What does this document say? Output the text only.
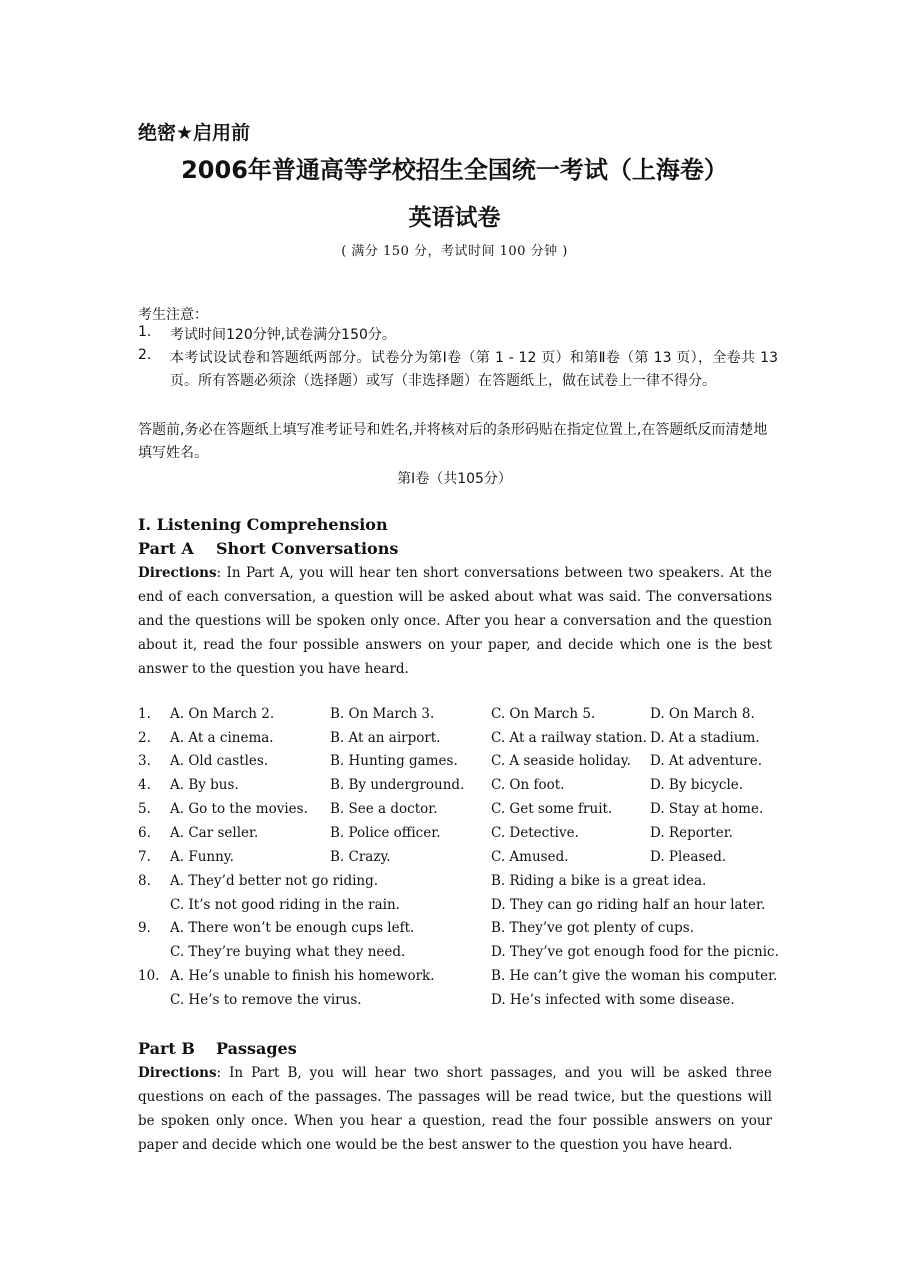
绝密★启用前
2006年普通高等学校招生全国统一考试（上海卷）
英语试卷
( 满分 150 分，考试时间 100 分钟 )
考生注意：
1.	考试时间120分钟,试卷满分150分。
2.	本考试设试卷和答题纸两部分。试卷分为第Ⅰ卷（第 1 - 12 页）和第Ⅱ卷（第 13 页），全卷共 13 页。所有答题必须涂（选择题）或写（非选择题）在答题纸上，做在试卷上一律不得分。
答题前,务必在答题纸上填写准考证号和姓名,并将核对后的条形码贴在指定位置上,在答题纸反而清楚地填写姓名。
第Ⅰ卷（共105分）
I. Listening Comprehension
Part A Short Conversations
Directions: In Part A, you will hear ten short conversations between two speakers. At the end of each conversation, a question will be asked about what was said. The conversations and the questions will be spoken only once. After you hear a conversation and the question about it, read the four possible answers on your paper, and decide which one is the best answer to the question you have heard.
1. A. On March 2.	B. On March 3.	C. On March 5.	D. On March 8.
2. A. At a cinema.	B. At an airport.	C. At a railway station. D. At a stadium.
3. A. Old castles.	B. Hunting games. C. A seaside holiday. D. At adventure.
4. A. By bus.	B. By underground. C. On foot.	D. By bicycle.
5. A. Go to the movies. B. See a doctor.	C. Get some fruit.	D. Stay at home.
6. A. Car seller.	B. Police officer.	C. Detective.	D. Reporter.
7. A. Funny.	B. Crazy.	C. Amused.	D. Pleased.
8. A. They’d better not go riding.	B. Riding a bike is a great idea.
C. It’s not good riding in the rain.	D. They can go riding half an hour later.
9. A. There won’t be enough cups left.	B. They’ve got plenty of cups.
C. They’re buying what they need.	D. They’ve got enough food for the picnic.
10. A. He’s unable to finish his homework.	B. He can’t give the woman his computer.
C. He’s to remove the virus.	D. He’s infected with some disease.
Part B Passages
Directions: In Part B, you will hear two short passages, and you will be asked three questions on each of the passages. The passages will be read twice, but the questions will be spoken only once. When you hear a question, read the four possible answers on your paper and decide which one would be the best answer to the question you have heard.
